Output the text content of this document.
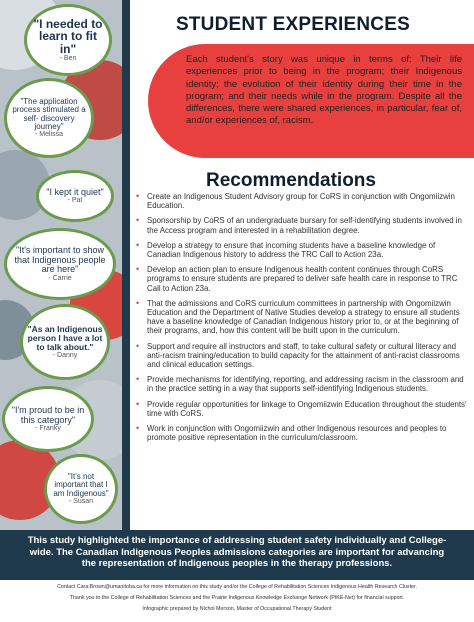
"I needed to learn to fit in"
- Ben
"The application process stimulated a self- discovery journey"
- Melissa
"I kept it quiet"
- Pat
"It's important to show that Indigenous people are here"
- Carrie
"As an Indigenous person I have a lot to talk about."
- Danny
"I'm proud to be in this category"
- Franky
"It's not important that I am Indigenous"
- Susan
STUDENT EXPERIENCES
Each student's story was unique in terms of: Their life experiences prior to being in the program; their Indigenous identity; the evolution of their identity during their time in the program; and their needs while in the program. Despite all the differences, there were shared experiences, in particular, fear of, and/or experiences of, racism.
Recommendations
• Create an Indigenous Student Advisory group for CoRS in conjunction with Ongomiizwin Education.
• Sponsorship by CoRS of an undergraduate bursary for self-identifying students involved in the Access program and interested in a rehabilitation degree.
• Develop a strategy to ensure that incoming students have a baseline knowledge of Canadian Indigenous history to address the TRC Call to Action 23a.
• Develop an action plan to ensure Indigenous health content continues through CoRS programs to ensure students are prepared to deliver safe health care in response to TRC Call to Action 23a.
• That the admissions and CoRS curriculum committees in partnership with Ongomiizwin Education and the Department of Native Studies develop a strategy to ensure all students have a baseline knowledge of Canadian Indigenous history prior to, or at the beginning of their programs, and, how this content will be built upon in the curriculum.
• Support and require all instructors and staff, to take cultural safety or cultural literacy and anti-racism training/education to build capacity for the attainment of anti-racist classrooms and clinical education settings.
• Provide mechanisms for identifying, reporting, and addressing racism in the classroom and in the practice setting in a way that supports self-identifying Indigenous students.
• Provide regular opportunities for linkage to Ongomiizwin Education throughout the students' time with CoRS.
• Work in conjunction with Ongomiizwin and other Indigenous resources and peoples to promote positive representation in the curriculum/classroom.
This study highlighted the importance of addressing student safety individually and College-wide. The Canadian Indigenous Peoples admissions categories are important for advancing the representation of Indigenous peoples in the therapy professions.
Contact Cara.Brown@umanitoba.ca for more information on this study and/or the College of Rehabilitation Sciences Indigenous Health Research Cluster.
Thank you to the College of Rehabilitation Sciences and the Prairie Indigenous Knowledge Exchange Network (PIKE-Net) for financial support.
Infographic prepared by Nichol Merson, Master of Occupational Therapy Student
